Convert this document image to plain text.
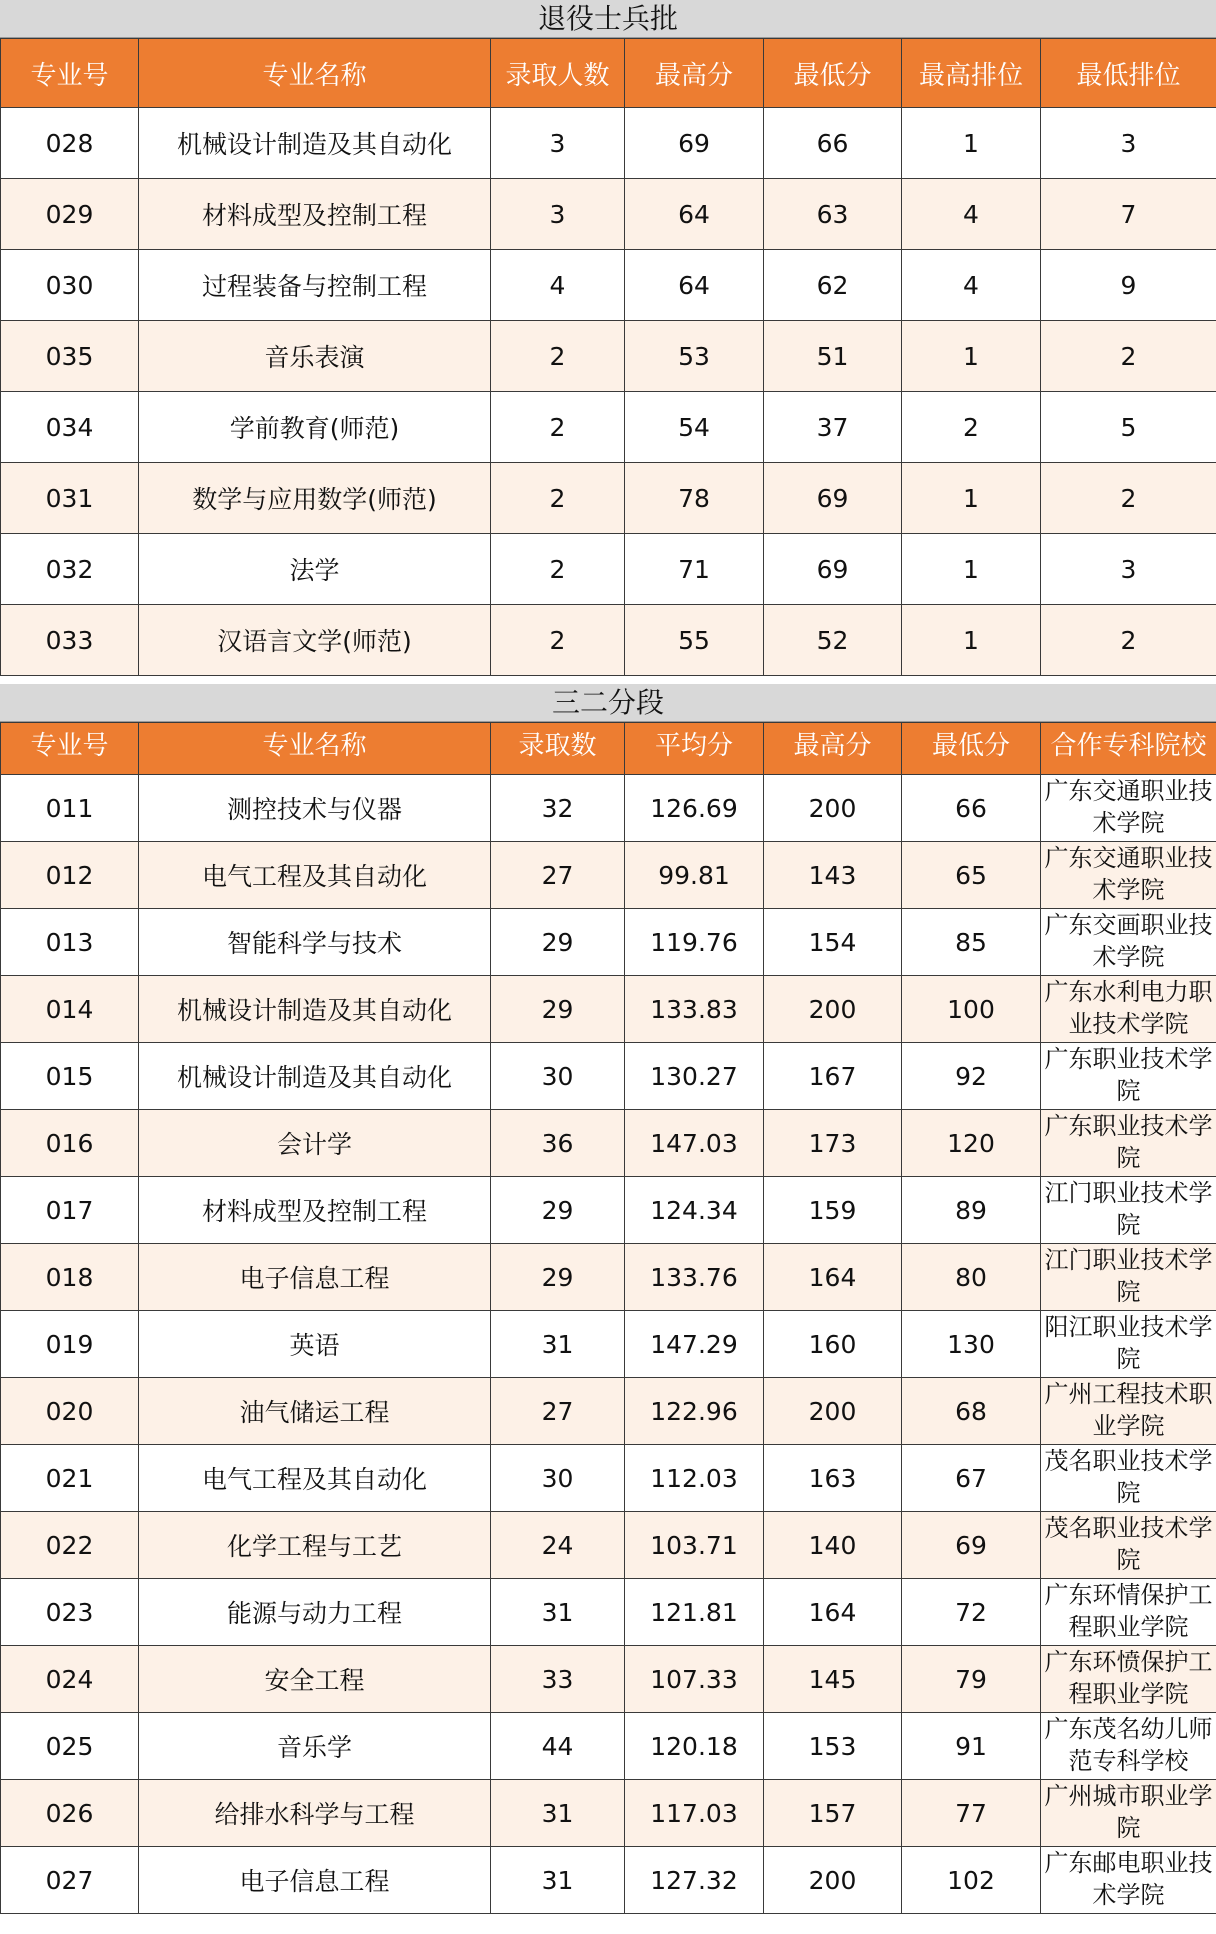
退役士兵批
专业号	专业名称	录取人数	最高分	最低分	最高排位	最低排位
028	机械设计制造及其自动化	3	69	66	1	3
029	材料成型及控制工程	3	64	63	4	7
030	过程装备与控制工程	4	64	62	4	9
035	音乐表演	2	53	51	1	2
034	学前教育(师范)	2	54	37	2	5
031	数学与应用数学(师范)	2	78	69	1	2
032	法学	2	71	69	1	3
033	汉语言文学(师范)	2	55	52	1	2
三二分段
专业号	专业名称	录取数	平均分	最高分	最低分	合作专科院校

011	测控技术与仪器	32	126.69	200	66	广东交通职业技术学院

012	电气工程及其自动化	27	99.81	143	65	广东交通职业技术学院

013	智能科学与技术	29	119.76	154	85	广东交画职业技术学院

014	机械设计制造及其自动化	29	133.83	200	100	广东水利电力职业技术学院

015	机械设计制造及其自动化	30	130.27	167	92	广东职业技术学院

016	会计学	36	147.03	173	120	广东职业技术学院

017	材料成型及控制工程	29	124.34	159	89	江门职业技术学院

018	电子信息工程	29	133.76	164	80	江门职业技术学院

019	英语	31	147.29	160	130	阳江职业技术学院

020	油气储运工程	27	122.96	200	68	广州工程技术职业学院

021	电气工程及其自动化	30	112.03	163	67	茂名职业技术学院

022	化学工程与工艺	24	103.71	140	69	茂名职业技术学院

023	能源与动力工程	31	121.81	164	72	广东环情保护工程职业学院

024	安全工程	33	107.33	145	79	广东环愤保护工程职业学院

025	音乐学	44	120.18	153	91	广东茂名幼儿师范专科学校

026	给排水科学与工程	31	117.03	157	77	广州城市职业学院

027	电子信息工程	31	127.32	200	102	广东邮电职业技术学院
